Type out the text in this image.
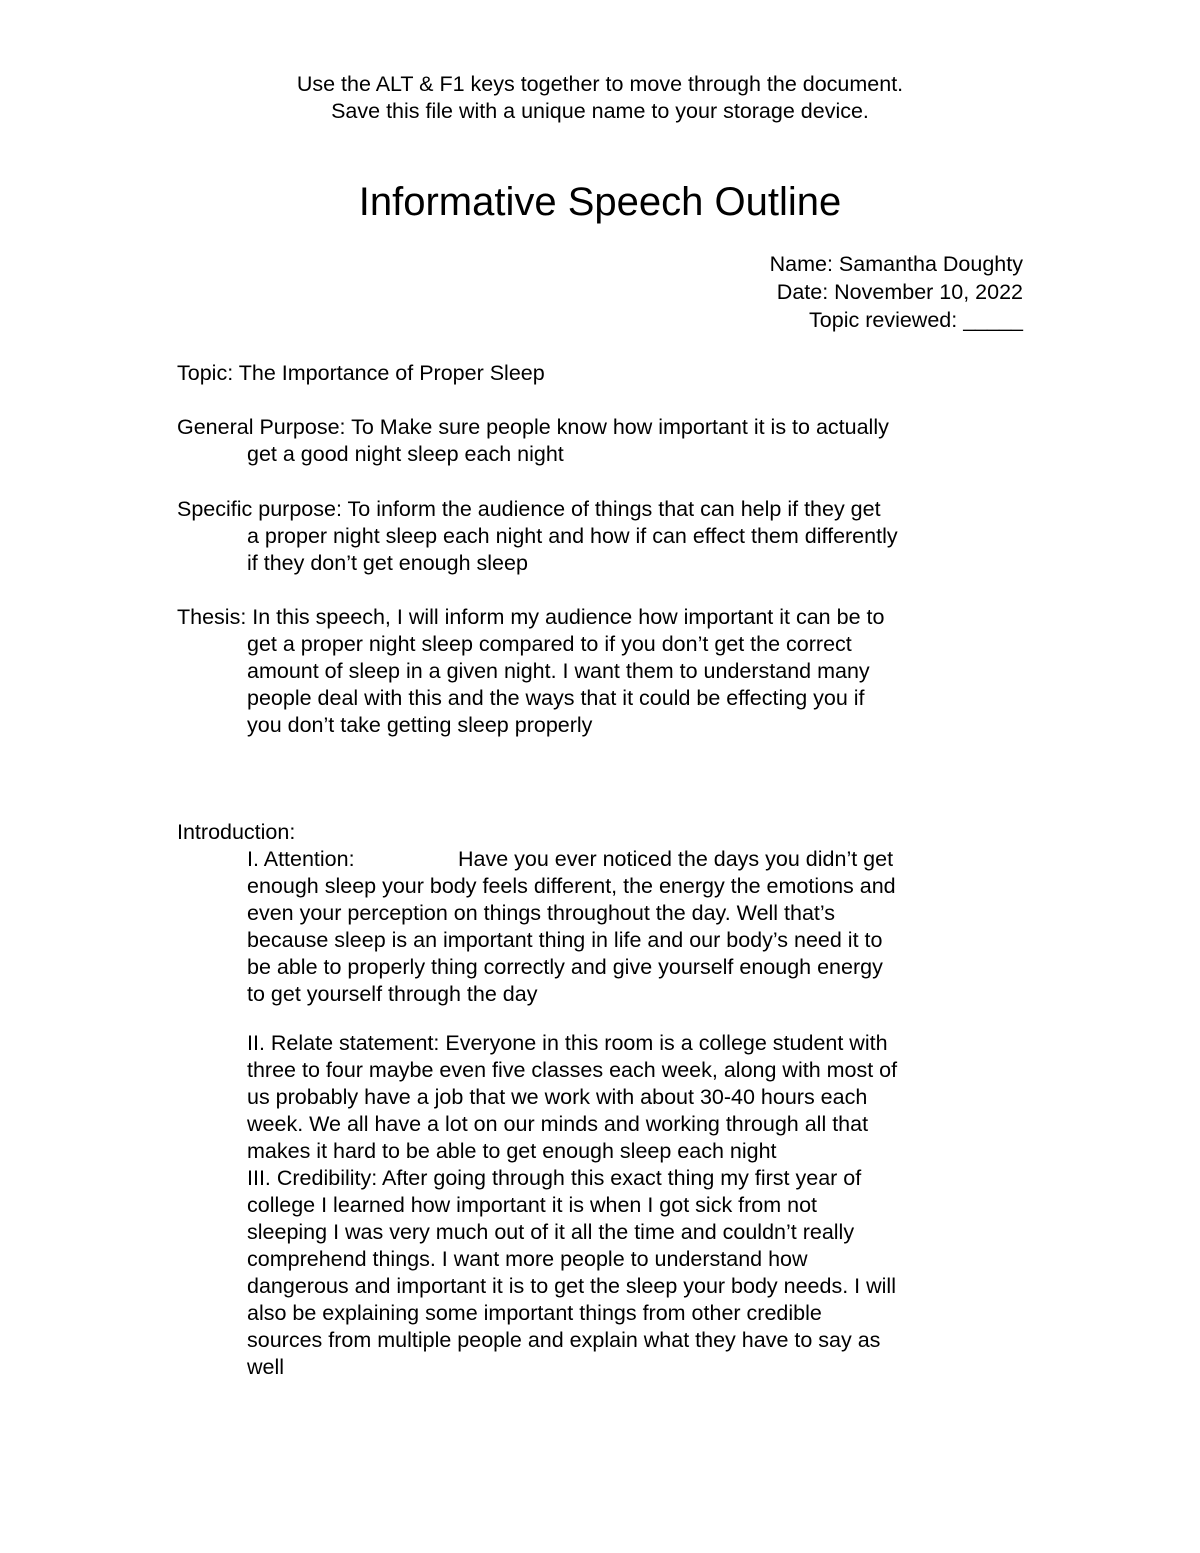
Use the ALT & F1 keys together to move through the document.
Save this file with a unique name to your storage device.
Informative Speech Outline
Name: Samantha Doughty
Date: November 10, 2022
Topic reviewed: _____
Topic: The Importance of Proper Sleep
General Purpose: To Make sure people know how important it is to actually
get a good night sleep each night
Specific purpose: To inform the audience of things that can help if they get
a proper night sleep each night and how if can effect them differently
if they don’t get enough sleep
Thesis: In this speech, I will inform my audience how important it can be to
get a proper night sleep compared to if you don’t get the correct
amount of sleep in a given night. I want them to understand many
people deal with this and the ways that it could be effecting you if
you don’t take getting sleep properly
Introduction:
I. Attention:	Have you ever noticed the days you didn’t get
enough sleep your body feels different, the energy the emotions and
even your perception on things throughout the day. Well that’s
because sleep is an important thing in life and our body’s need it to
be able to properly thing correctly and give yourself enough energy
to get yourself through the day
II. Relate statement: Everyone in this room is a college student with
three to four maybe even five classes each week, along with most of
us probably have a job that we work with about 30-40 hours each
week. We all have a lot on our minds and working through all that
makes it hard to be able to get enough sleep each night
III. Credibility: After going through this exact thing my first year of
college I learned how important it is when I got sick from not
sleeping I was very much out of it all the time and couldn’t really
comprehend things. I want more people to understand how
dangerous and important it is to get the sleep your body needs. I will
also be explaining some important things from other credible
sources from multiple people and explain what they have to say as
well
